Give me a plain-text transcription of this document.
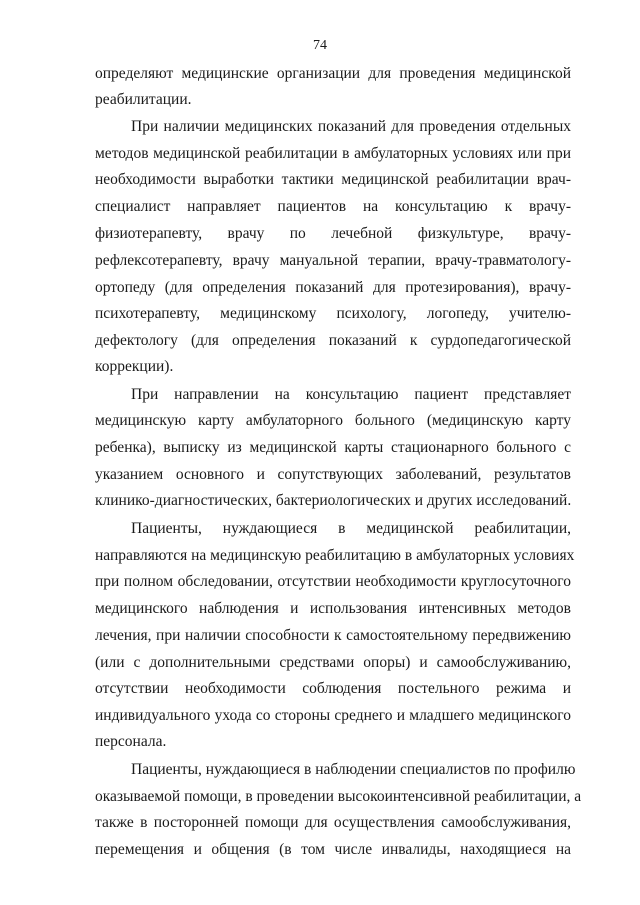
74
определяют медицинские организации для проведения медицинской
реабилитации.
При наличии медицинских показаний для проведения отдельных
методов медицинской реабилитации в амбулаторных условиях или при
необходимости выработки тактики медицинской реабилитации врач-
специалист направляет пациентов на консультацию к врачу-
физиотерапевту, врачу по лечебной физкультуре, врачу-
рефлексотерапевту, врачу мануальной терапии, врачу-травматологу-
ортопеду (для определения показаний для протезирования), врачу-
психотерапевту, медицинскому психологу, логопеду, учителю-
дефектологу (для определения показаний к сурдопедагогической
коррекции).
При направлении на консультацию пациент представляет
медицинскую карту амбулаторного больного (медицинскую карту
ребенка), выписку из медицинской карты стационарного больного с
указанием основного и сопутствующих заболеваний, результатов
клинико-диагностических, бактериологических и других исследований.
Пациенты, нуждающиеся в медицинской реабилитации,
направляются на медицинскую реабилитацию в амбулаторных условиях
при полном обследовании, отсутствии необходимости круглосуточного
медицинского наблюдения и использования интенсивных методов
лечения, при наличии способности к самостоятельному передвижению
(или с дополнительными средствами опоры) и самообслуживанию,
отсутствии необходимости соблюдения постельного режима и
индивидуального ухода со стороны среднего и младшего медицинского
персонала.
Пациенты, нуждающиеся в наблюдении специалистов по профилю
оказываемой помощи, в проведении высокоинтенсивной реабилитации, а
также в посторонней помощи для осуществления самообслуживания,
перемещения и общения (в том числе инвалиды, находящиеся на
